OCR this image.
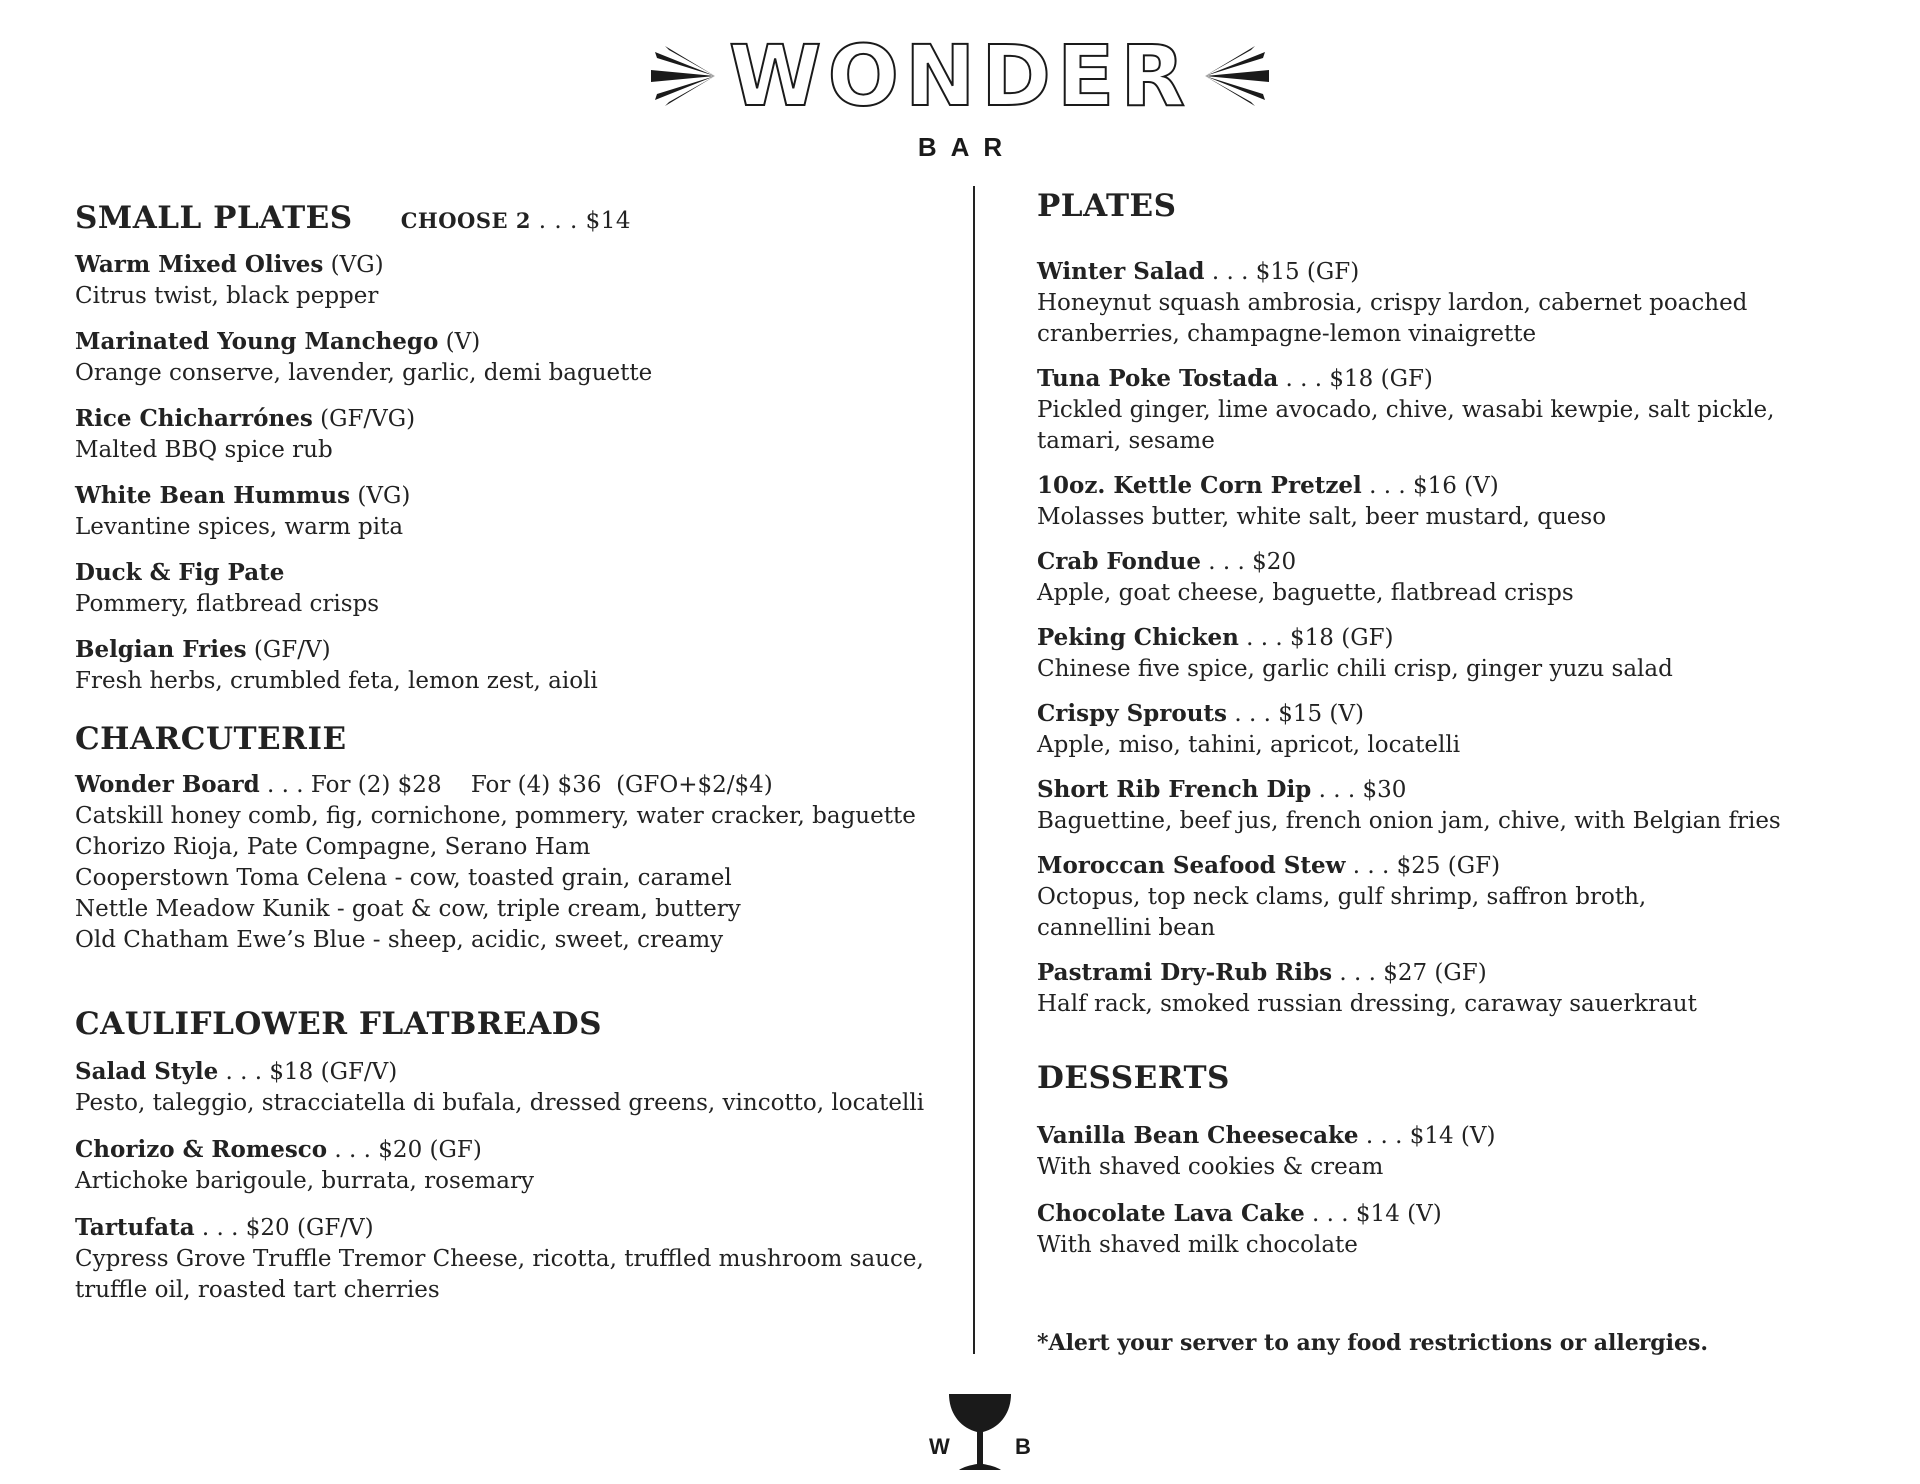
WONDER
BAR
SMALL PLATES CHOOSE 2 . . . $14
Warm Mixed Olives (VG)
Citrus twist, black pepper
Marinated Young Manchego (V)
Orange conserve, lavender, garlic, demi baguette
Rice Chicharrónes (GF/VG)
Malted BBQ spice rub
White Bean Hummus (VG)
Levantine spices, warm pita
Duck & Fig Pate
Pommery, flatbread crisps
Belgian Fries (GF/V)
Fresh herbs, crumbled feta, lemon zest, aioli
CHARCUTERIE
Wonder Board . . . For (2) $28    For (4) $36  (GFO+$2/$4)
Catskill honey comb, fig, cornichone, pommery, water cracker, baguette
Chorizo Rioja, Pate Compagne, Serano Ham
Cooperstown Toma Celena - cow, toasted grain, caramel
Nettle Meadow Kunik - goat & cow, triple cream, buttery
Old Chatham Ewe’s Blue - sheep, acidic, sweet, creamy
CAULIFLOWER FLATBREADS
Salad Style . . . $18 (GF/V)
Pesto, taleggio, stracciatella di bufala, dressed greens, vincotto, locatelli
Chorizo & Romesco . . . $20 (GF)
Artichoke barigoule, burrata, rosemary
Tartufata . . . $20 (GF/V)
Cypress Grove Truffle Tremor Cheese, ricotta, truffled mushroom sauce,
truffle oil, roasted tart cherries
PLATES
Winter Salad . . . $15 (GF)
Honeynut squash ambrosia, crispy lardon, cabernet poached
cranberries, champagne-lemon vinaigrette
Tuna Poke Tostada . . . $18 (GF)
Pickled ginger, lime avocado, chive, wasabi kewpie, salt pickle,
tamari, sesame
10oz. Kettle Corn Pretzel . . . $16 (V)
Molasses butter, white salt, beer mustard, queso
Crab Fondue . . . $20
Apple, goat cheese, baguette, flatbread crisps
Peking Chicken . . . $18 (GF)
Chinese five spice, garlic chili crisp, ginger yuzu salad
Crispy Sprouts . . . $15 (V)
Apple, miso, tahini, apricot, locatelli
Short Rib French Dip . . . $30
Baguettine, beef jus, french onion jam, chive, with Belgian fries
Moroccan Seafood Stew . . . $25 (GF)
Octopus, top neck clams, gulf shrimp, saffron broth,
cannellini bean
Pastrami Dry-Rub Ribs . . . $27 (GF)
Half rack, smoked russian dressing, caraway sauerkraut
DESSERTS
Vanilla Bean Cheesecake . . . $14 (V)
With shaved cookies & cream
Chocolate Lava Cake . . . $14 (V)
With shaved milk chocolate
*Alert your server to any food restrictions or allergies.
W	B
